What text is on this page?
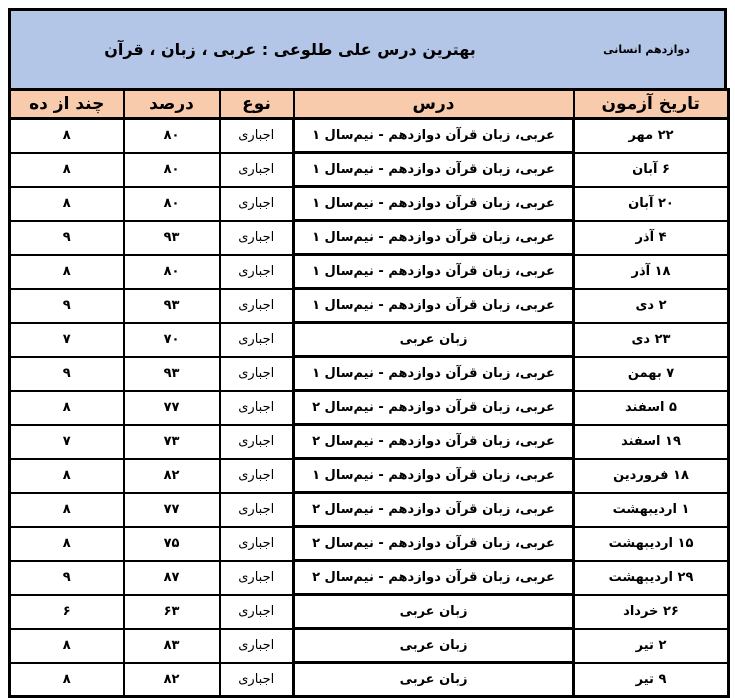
دوازدهم انسانی
بهترین درس علی طلوعی : عربی ، زبان ، قرآن
تاریخ آزمون	درس	نوع	درصد	چند از ده
۲۲ مهر	عربی، زبان قرآن دوازدهم - نیم‌سال ۱	اجباری	۸۰	۸
۶ آبان	عربی، زبان قرآن دوازدهم - نیم‌سال ۱	اجباری	۸۰	۸
۲۰ آبان	عربی، زبان قرآن دوازدهم - نیم‌سال ۱	اجباری	۸۰	۸
۴ آذر	عربی، زبان قرآن دوازدهم - نیم‌سال ۱	اجباری	۹۳	۹
۱۸ آذر	عربی، زبان قرآن دوازدهم - نیم‌سال ۱	اجباری	۸۰	۸
۲ دی	عربی، زبان قرآن دوازدهم - نیم‌سال ۱	اجباری	۹۳	۹
۲۳ دی	زبان عربی	اجباری	۷۰	۷
۷ بهمن	عربی، زبان قرآن دوازدهم - نیم‌سال ۱	اجباری	۹۳	۹
۵ اسفند	عربی، زبان قرآن دوازدهم - نیم‌سال ۲	اجباری	۷۷	۸
۱۹ اسفند	عربی، زبان قرآن دوازدهم - نیم‌سال ۲	اجباری	۷۳	۷
۱۸ فروردین	عربی، زبان قرآن دوازدهم - نیم‌سال ۱	اجباری	۸۲	۸
۱ اردیبهشت	عربی، زبان قرآن دوازدهم - نیم‌سال ۲	اجباری	۷۷	۸
۱۵ اردیبهشت	عربی، زبان قرآن دوازدهم - نیم‌سال ۲	اجباری	۷۵	۸
۲۹ اردیبهشت	عربی، زبان قرآن دوازدهم - نیم‌سال ۲	اجباری	۸۷	۹
۲۶ خرداد	زبان عربی	اجباری	۶۳	۶
۲ تیر	زبان عربی	اجباری	۸۳	۸
۹ تیر	زبان عربی	اجباری	۸۲	۸
